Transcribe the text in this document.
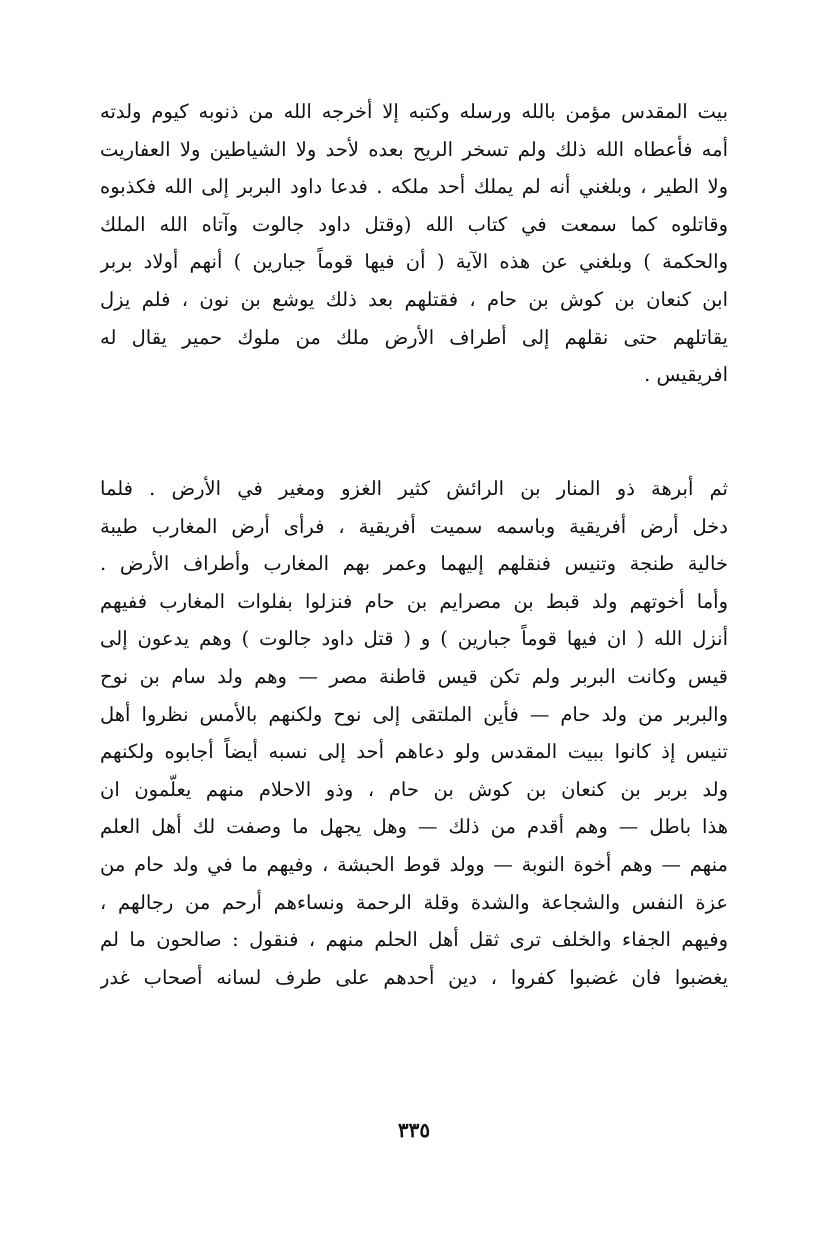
بيت المقدس مؤمن بالله ورسله وكتبه إلا أخرجه الله من ذنوبه كيوم ولدته
أمه فأعطاه الله ذلك ولم تسخر الريح بعده لأحد ولا الشياطين ولا العفاريت
ولا الطير ، وبلغني أنه لم يملك أحد ملكه . فدعا داود البربر إلى الله فكذبوه
وقاتلوه كما سمعت في كتاب الله (وقتل داود جالوت وآتاه الله الملك
والحكمة ) وبلغني عن هذه الآية ( أن فيها قوماً جبارين ) أنهم أولاد بربر
ابن كنعان بن كوش بن حام ، فقتلهم بعد ذلك يوشع بن نون ، فلم يزل
يقاتلهم حتى نقلهم إلى أطراف الأرض ملك من ملوك حمير يقال له
افريقيس .
ثم أبرهة ذو المنار بن الرائش كثير الغزو ومغير في الأرض . فلما
دخل أرض أفريقية وباسمه سميت أفريقية ، فرأى أرض المغارب طيبة
خالية طنجة وتنيس فنقلهم إليهما وعمر بهم المغارب وأطراف الأرض .
وأما أخوتهم ولد قبط بن مصرايم بن حام فنزلوا بفلوات المغارب ففيهم
أنزل الله ( ان فيها قوماً جبارين ) و ( قتل داود جالوت ) وهم يدعون إلى
قيس وكانت البربر ولم تكن قيس قاطنة مصر — وهم ولد سام بن نوح
والبربر من ولد حام — فأين الملتقى إلى نوح ولكنهم بالأمس نظروا أهل
تنيس إذ كانوا ببيت المقدس ولو دعاهم أحد إلى نسبه أيضاً أجابوه ولكنهم
ولد بربر بن كنعان بن كوش بن حام ، وذو الاحلام منهم يعلّمون ان
هذا باطل — وهم أقدم من ذلك — وهل يجهل ما وصفت لك أهل العلم
منهم — وهم أخوة النوبة — وولد قوط الحبشة ، وفيهم ما في ولد حام من
عزة النفس والشجاعة والشدة وقلة الرحمة ونساءهم أرحم من رجالهم ،
وفيهم الجفاء والخلف ترى ثقل أهل الحلم منهم ، فنقول : صالحون ما لم
يغضبوا فان غضبوا كفروا ، دين أحدهم على طرف لسانه أصحاب غدر
٣٣٥
